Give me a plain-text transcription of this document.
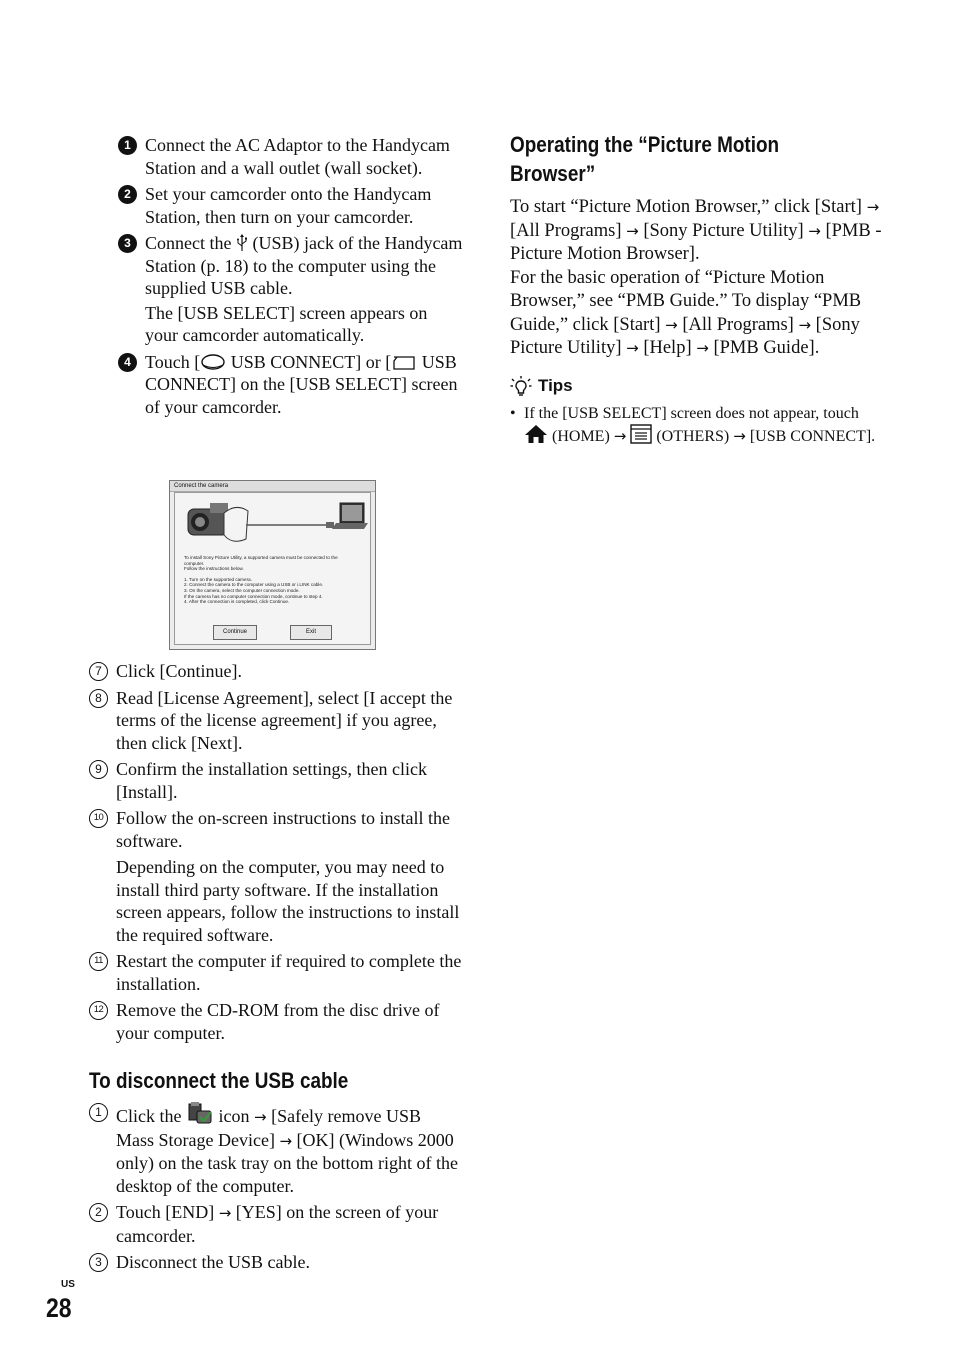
1 Connect the AC Adaptor to the Handycam Station and a wall outlet (wall socket).
2 Set your camcorder onto the Handycam Station, then turn on your camcorder.
3 Connect the (USB) jack of the Handycam Station (p. 18) to the computer using the supplied USB cable.
The [USB SELECT] screen appears on your camcorder automatically.
4 Touch [ USB CONNECT] or [ USB CONNECT] on the [USB SELECT] screen of your camcorder.
Connect the camera
To install Sony Picture Utility, a supported camera must be connected to the
computer.
Follow the instructions below.
1. Turn on the supported camera.
2. Connect the camera to the computer using a USB or i.LINK cable.
3. On the camera, select the computer connection mode.
If the camera has no computer connection mode, continue to step 4.
4. After the connection is completed, click Continue.
Continue	Exit
7 Click [Continue].
8 Read [License Agreement], select [I accept the terms of the license agreement] if you agree, then click [Next].
9 Confirm the installation settings, then click [Install].
10 Follow the on-screen instructions to install the software.
Depending on the computer, you may need to install third party software. If the installation screen appears, follow the instructions to install the required software.
11 Restart the computer if required to complete the installation.
12 Remove the CD-ROM from the disc drive of your computer.
To disconnect the USB cable
1 Click the icon → [Safely remove USB Mass Storage Device] → [OK] (Windows 2000 only) on the task tray on the bottom right of the desktop of the computer.
2 Touch [END] → [YES] on the screen of your camcorder.
3 Disconnect the USB cable.
Operating the “Picture Motion
Browser”

To start “Picture Motion Browser,” click [Start] → [All Programs] → [Sony Picture Utility] → [PMB - Picture Motion Browser].

For the basic operation of “Picture Motion Browser,” see “PMB Guide.” To display “PMB Guide,” click [Start] → [All Programs] → [Sony Picture Utility] → [Help] → [PMB Guide].

Tips
• If the [USB SELECT] screen does not appear, touch  (HOME) → (OTHERS) → [USB CONNECT].
US
28
